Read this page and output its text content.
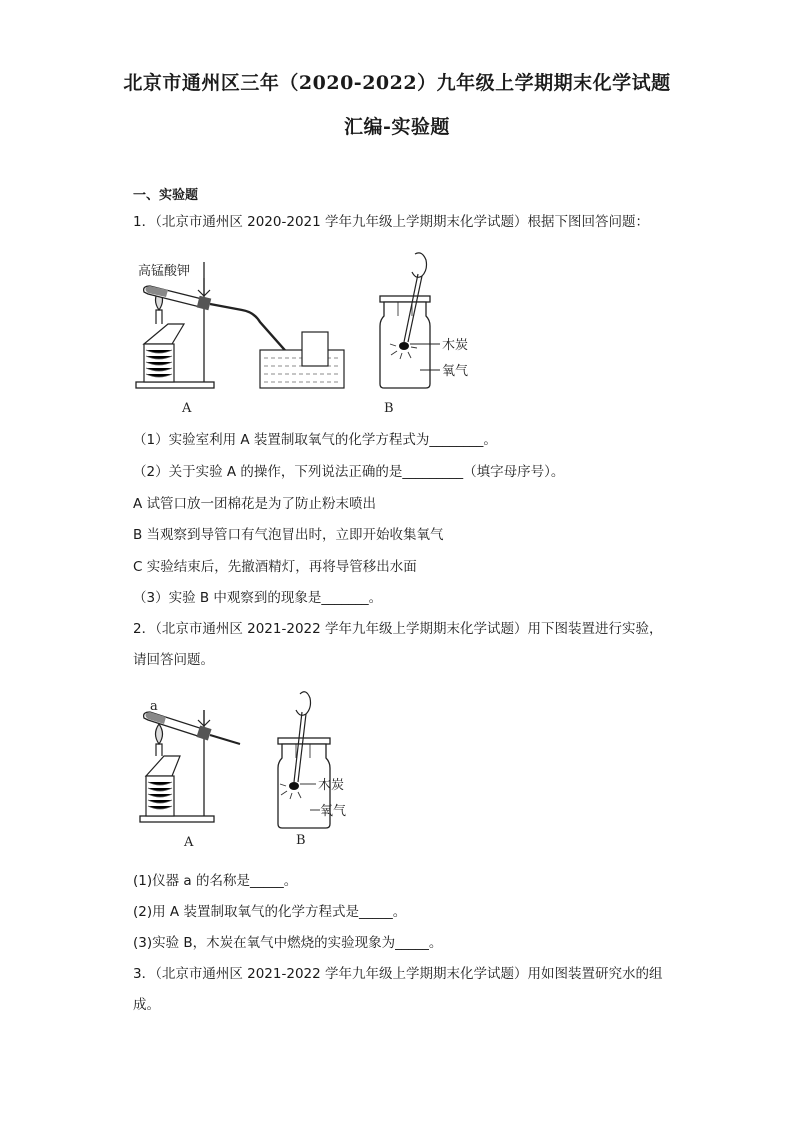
北京市通州区三年（2020-2022）九年级上学期期末化学试题
汇编-实验题
一、实验题
1．（北京市通州区 2020-2021 学年九年级上学期期末化学试题）根据下图回答问题：
高锰酸钾
木炭
氧气
A	B
（1）实验室利用 A 装置制取氧气的化学方程式为________。
（2）关于实验 A 的操作，下列说法正确的是_________（填字母序号）。
A 试管口放一团棉花是为了防止粉末喷出
B 当观察到导管口有气泡冒出时，立即开始收集氧气
C 实验结束后，先撤酒精灯，再将导管移出水面
（3）实验 B 中观察到的现象是_______。
2．（北京市通州区 2021-2022 学年九年级上学期期末化学试题）用下图装置进行实验，
请回答问题。
a
木炭
氧气
A	B
(1)仪器 a 的名称是_____。
(2)用 A 装置制取氧气的化学方程式是_____。
(3)实验 B，木炭在氧气中燃烧的实验现象为_____。
3．（北京市通州区 2021-2022 学年九年级上学期期末化学试题）用如图装置研究水的组
成。
